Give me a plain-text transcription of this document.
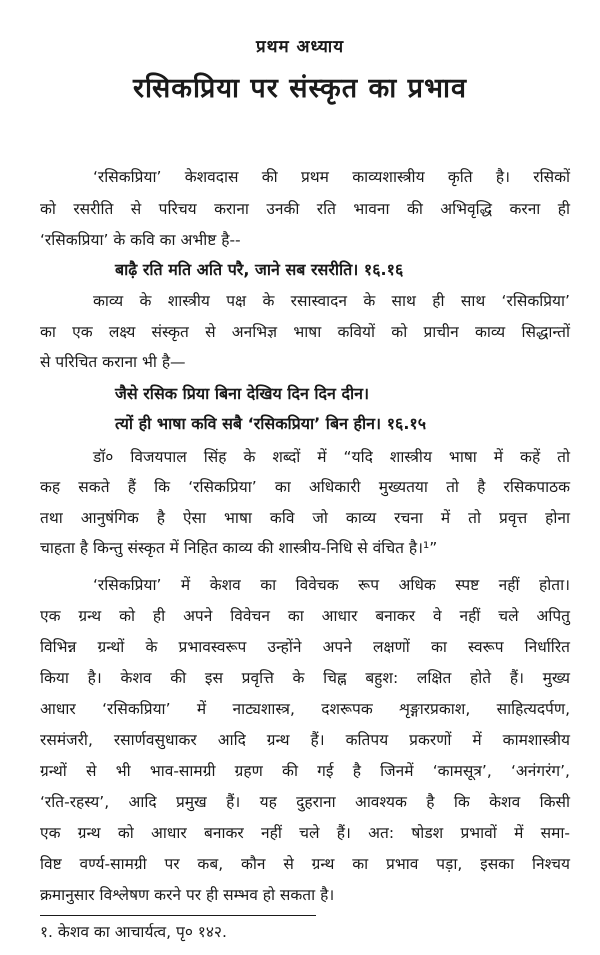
प्रथम अध्याय
रसिकप्रिया पर संस्कृत का प्रभाव
‘रसिकप्रिया’ केशवदास की प्रथम काव्यशास्त्रीय कृति है। रसिकों
को रसरीति से परिचय कराना उनकी रति भावना की अभिवृद्धि करना ही
‘रसिकप्रिया’ के कवि का अभीष्ट है--
बाढ़ै रति मति अति परै, जाने सब रसरीति। १६.१६
काव्य के शास्त्रीय पक्ष के रसास्वादन के साथ ही साथ ‘रसिकप्रिया’
का एक लक्ष्य संस्कृत से अनभिज्ञ भाषा कवियों को प्राचीन काव्य सिद्धान्तों
से परिचित कराना भी है—
जैसे रसिक प्रिया बिना देखिय दिन दिन दीन।
त्यों ही भाषा कवि सबै ‘रसिकप्रिया’ बिन हीन। १६.१५
डॉ० विजयपाल सिंह के शब्दों में “यदि शास्त्रीय भाषा में कहें तो
कह सकते हैं कि ‘रसिकप्रिया’ का अधिकारी मुख्यतया तो है रसिकपाठक
तथा आनुषंगिक है ऐसा भाषा कवि जो काव्य रचना में तो प्रवृत्त होना
चाहता है किन्तु संस्कृत में निहित काव्य की शास्त्रीय-निधि से वंचित है।¹”
‘रसिकप्रिया’ में केशव का विवेचक रूप अधिक स्पष्ट नहीं होता।
एक ग्रन्थ को ही अपने विवेचन का आधार बनाकर वे नहीं चले अपितु
विभिन्न ग्रन्थों के प्रभावस्वरूप उन्होंने अपने लक्षणों का स्वरूप निर्धारित
किया है। केशव की इस प्रवृत्ति के चिह्न बहुश: लक्षित होते हैं। मुख्य
आधार ‘रसिकप्रिया’ में नाट्यशास्त्र, दशरूपक शृङ्गारप्रकाश, साहित्यदर्पण,
रसमंजरी, रसार्णवसुधाकर आदि ग्रन्थ हैं। कतिपय प्रकरणों में कामशास्त्रीय
ग्रन्थों से भी भाव-सामग्री ग्रहण की गई है जिनमें ‘कामसूत्र’, ‘अनंगरंग’,
‘रति-रहस्य’, आदि प्रमुख हैं। यह दुहराना आवश्यक है कि केशव किसी
एक ग्रन्थ को आधार बनाकर नहीं चले हैं। अत: षोडश प्रभावों में समा-
विष्ट वर्ण्य-सामग्री पर कब, कौन से ग्रन्थ का प्रभाव पड़ा, इसका निश्चय
क्रमानुसार विश्लेषण करने पर ही सम्भव हो सकता है।
१. केशव का आचार्यत्व, पृ० १४२.
